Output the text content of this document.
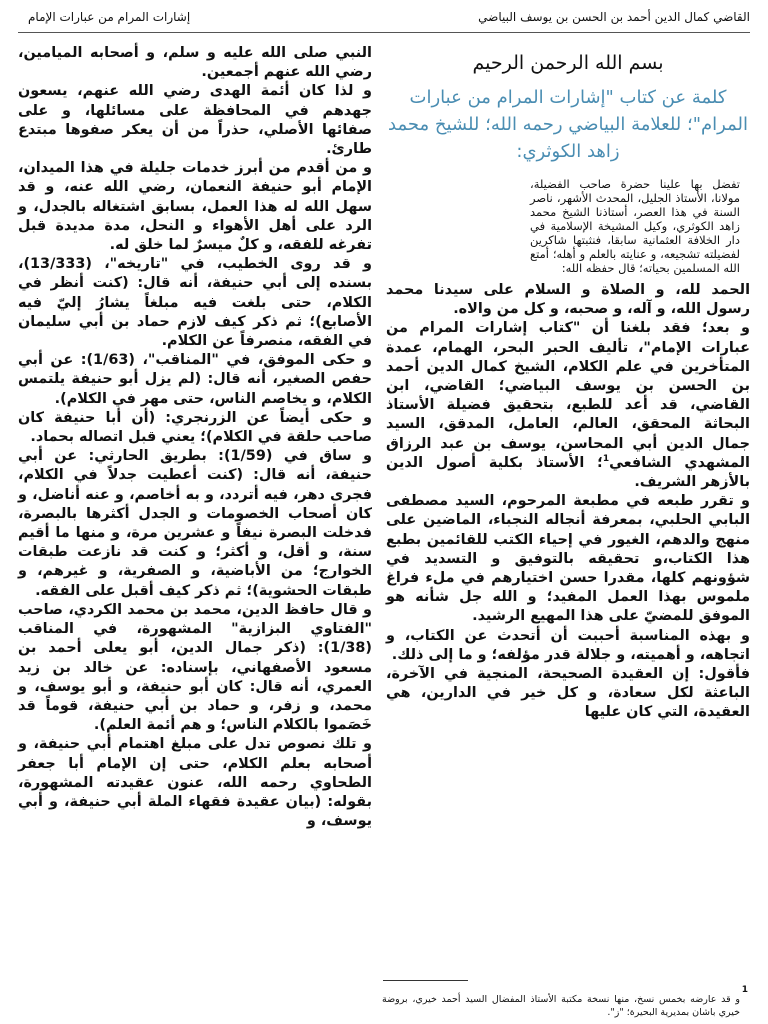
القاضي كمال الدين أحمد بن الحسن بن يوسف البياضي
إشارات المرام من عبارات الإمام
بسم الله الرحمن الرحيم
كلمة عن كتاب "إشارات المرام من عبارات المرام"؛ للعلامة البياضي رحمه الله؛ للشيخ محمد زاهد الكوثري:
تفضل بها علينا حضرة صاحب الفضيلة، مولانا، الأستاذ الجليل، المحدث الأشهر، ناصر السنة في هذا العصر، أستاذنا الشيخ محمد زاهد الكوثري، وكيل المشيخة الإسلامية في دار الخلافة العثمانية سابقا، فنثبتها شاكرين لفضيلته تشجيعه، و عنايته بالعلم و أهله؛ أمتع الله المسلمين بحياته؛ قال حفظه الله:

الحمد لله، و الصلاة و السلام على سيدنا محمد رسول الله، و آله، و صحبه، و كل من والاه.

و بعد؛ فقد بلغنا أن "كتاب إشارات المرام من عبارات الإمام"، تأليف الحبر البحر، الهمام، عمدة المتأخرين في علم الكلام، الشيخ كمال الدين أحمد بن الحسن بن يوسف البياضي؛ القاضي، ابن القاضي، قد أعد للطبع، بتحقيق فضيلة الأستاذ البحاثة المحقق، العالم، العامل، المدقق، السيد جمال الدين أبي المحاسن، يوسف بن عبد الرزاق المشهدي الشافعي$^1$؛ الأستاذ بكلية أصول الدين بالأزهر الشريف.

و تقرر طبعه في مطبعة المرحوم، السيد مصطفى البابي الحلبي، بمعرفة أنجاله النجباء، الماضين على منهج والدهم، الغيور في إحياء الكتب للقائمين بطبع هذا الكتاب،و تحقيقه بالتوفيق و التسديد في شؤونهم كلها، مقدرا حسن اختيارهم في ملء فراغ ملموس بهذا العمل المفيد؛ و الله جل شأنه هو الموفق للمضيّ على هذا المهيع الرشيد.

و بهذه المناسبة أحببت أن أتحدث عن الكتاب، و اتجاهه، و أهميته، و جلالة قدر مؤلفه؛ و ما إلى ذلك.

فأقول: إن العقيدة الصحيحة، المنجية في الآخرة، الباعثة لكل سعادة، و كل خير في الدارين، هي العقيدة، التي كان عليها

النبي صلى الله عليه و سلم، و أصحابه الميامين، رضي الله عنهم أجمعين.

و لذا كان أئمة الهدى رضي الله عنهم، يسعون جهدهم في المحافظة على مسائلها، و على صفائها الأصلي، حذراً من أن يعكر صفوها مبتدع طارئ.

و من أقدم من أبرز خدمات جليلة في هذا الميدان، الإمام أبو حنيفة النعمان، رضي الله عنه، و قد سهل الله له هذا العمل، بسابق اشتغاله بالجدل، و الرد على أهل الأهواء و النحل، مدة مديدة قبل تفرغه للفقه، و كلٌ ميسرٌ لما خلق له.

و قد روى الخطيب، في "تاريخه"، (13/333)، بسنده إلى أبي حنيفة، أنه قال: (كنت أنظر في الكلام، حتى بلغت فيه مبلغاً يشارُ إليّ فيه الأصابع)؛ ثم ذكر كيف لازم حماد بن أبي سليمان في الفقه، منصرفاً عن الكلام.

و حكى الموفق، في "المناقب"، (1/63): عن أبي حفص الصغير، أنه قال: (لم يزل أبو حنيفة يلتمس الكلام، و يخاصم الناس، حتى مهر في الكلام).

و حكى أيضاً عن الزرنجري: (أن أبا حنيفة كان صاحب حلقة في الكلام)؛ يعني قبل اتصاله بحماد.

و ساق في (1/59): بطريق الحارثي: عن أبي حنيفة، أنه قال: (كنت أعطيت جدلاً في الكلام، فجرى دهر، فيه أتردد، و به أخاصم، و عنه أناضل، و كان أصحاب الخصومات و الجدل أكثرها بالبصرة، فدخلت البصرة نيفاً و عشرين مرة، و منها ما أقيم سنة، و أقل، و أكثر؛ و كنت قد نازعت طبقات الخوارج؛ من الأباضية، و الصفرية، و غيرهم، و طبقات الحشوية)؛ ثم ذكر كيف أقبل على الفقه.

و قال حافظ الدين، محمد بن محمد الكردي، صاحب "الفتاوي البزازية" المشهورة، في المناقب (1/38): (ذكر جمال الدين، أبو يعلى أحمد بن مسعود الأصفهاني، بإسناده: عن خالد بن زيد العمري، أنه قال: كان أبو حنيفة، و أبو يوسف، و محمد، و زفر، و حماد بن أبي حنيفة، قوماً قد خَصَموا بالكلام الناس؛ و هم أئمة العلم).

و تلك نصوص تدل على مبلغ اهتمام أبي حنيفة، و أصحابه بعلم الكلام، حتى إن الإمام أبا جعفر الطحاوي رحمه الله، عنون عقيدته المشهورة، بقوله: (بيان عقيدة فقهاء الملة أبي حنيفة، و أبي يوسف، و

1
و قد عارضه بخمس نسخ، منها نسخة مكتبة الأستاذ المفضال السيد أحمد خيري، بروضة خيري باشان بمديرية البحيرة؛ "ز".
